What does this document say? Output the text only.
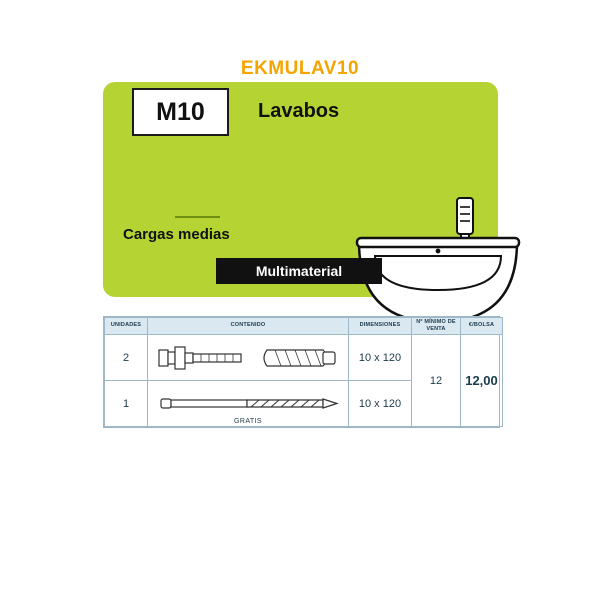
EKMULAV10
M10	Lavabos
Cargas medias
Multimaterial
UNIDADES	CONTENIDO	DIMENSIONES	Nº MÍNIMO DE VENTA	€/BOLSA
2		10 x 120	12	12,00
1	GRATIS	10 x 120		
